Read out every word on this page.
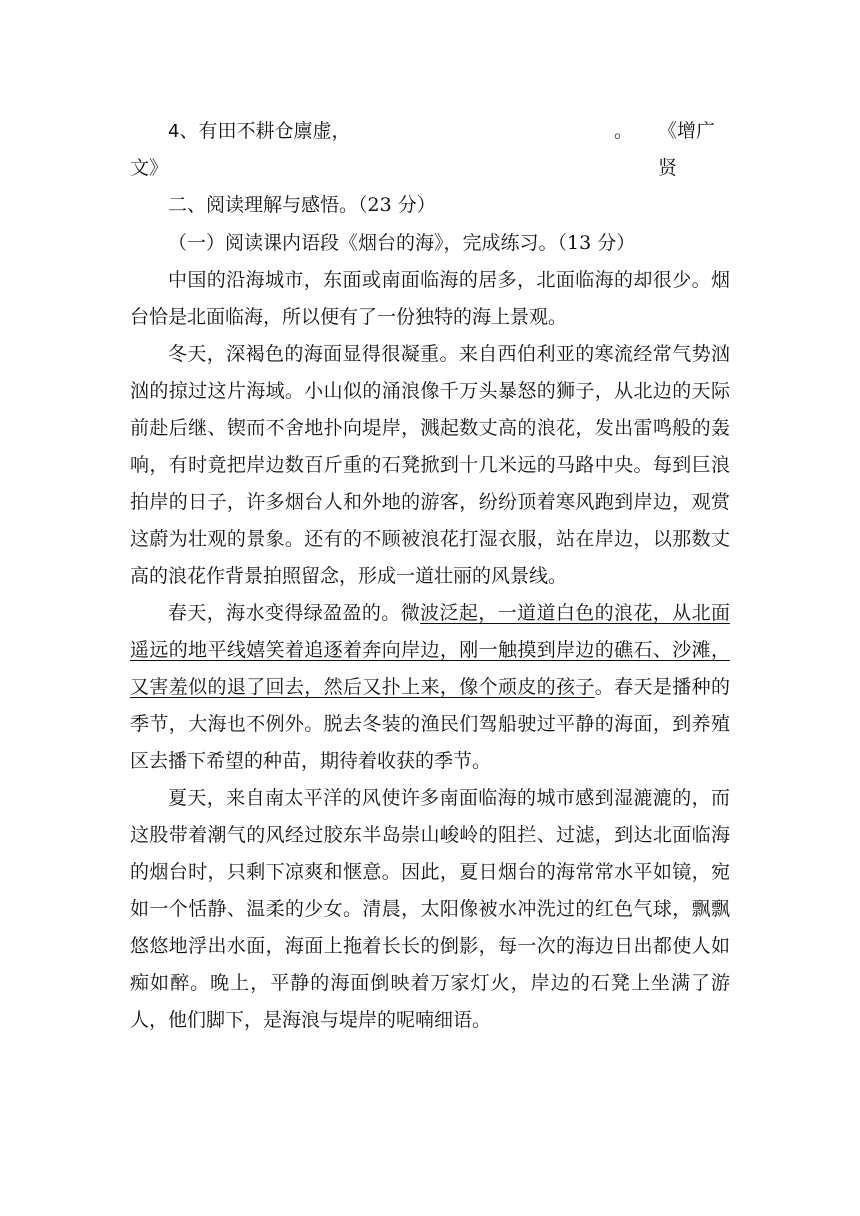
4、有田不耕仓廪虚，	。 《增广贤

文》

二、阅读理解与感悟。（23 分）

（一）阅读课内语段《烟台的海》，完成练习。（13 分）

中国的沿海城市，东面或南面临海的居多，北面临海的却很少。烟台恰是北面临海，所以便有了一份独特的海上景观。

冬天，深褐色的海面显得很凝重。来自西伯利亚的寒流经常气势汹汹的掠过这片海域。小山似的涌浪像千万头暴怒的狮子，从北边的天际前赴后继、锲而不舍地扑向堤岸，溅起数丈高的浪花，发出雷鸣般的轰响，有时竟把岸边数百斤重的石凳掀到十几米远的马路中央。每到巨浪拍岸的日子，许多烟台人和外地的游客，纷纷顶着寒风跑到岸边，观赏这蔚为壮观的景象。还有的不顾被浪花打湿衣服，站在岸边，以那数丈高的浪花作背景拍照留念，形成一道壮丽的风景线。

春天，海水变得绿盈盈的。微波泛起，一道道白色的浪花，从北面遥远的地平线嬉笑着追逐着奔向岸边，刚一触摸到岸边的礁石、沙滩，又害羞似的退了回去，然后又扑上来，像个顽皮的孩子。春天是播种的季节，大海也不例外。脱去冬装的渔民们驾船驶过平静的海面，到养殖区去播下希望的种苗，期待着收获的季节。

夏天，来自南太平洋的风使许多南面临海的城市感到湿漉漉的，而这股带着潮气的风经过胶东半岛崇山峻岭的阻拦、过滤，到达北面临海的烟台时，只剩下凉爽和惬意。因此，夏日烟台的海常常水平如镜，宛如一个恬静、温柔的少女。清晨，太阳像被水冲洗过的红色气球，飘飘悠悠地浮出水面，海面上拖着长长的倒影，每一次的海边日出都使人如痴如醉。晚上，平静的海面倒映着万家灯火，岸边的石凳上坐满了游人，他们脚下，是海浪与堤岸的呢喃细语。
